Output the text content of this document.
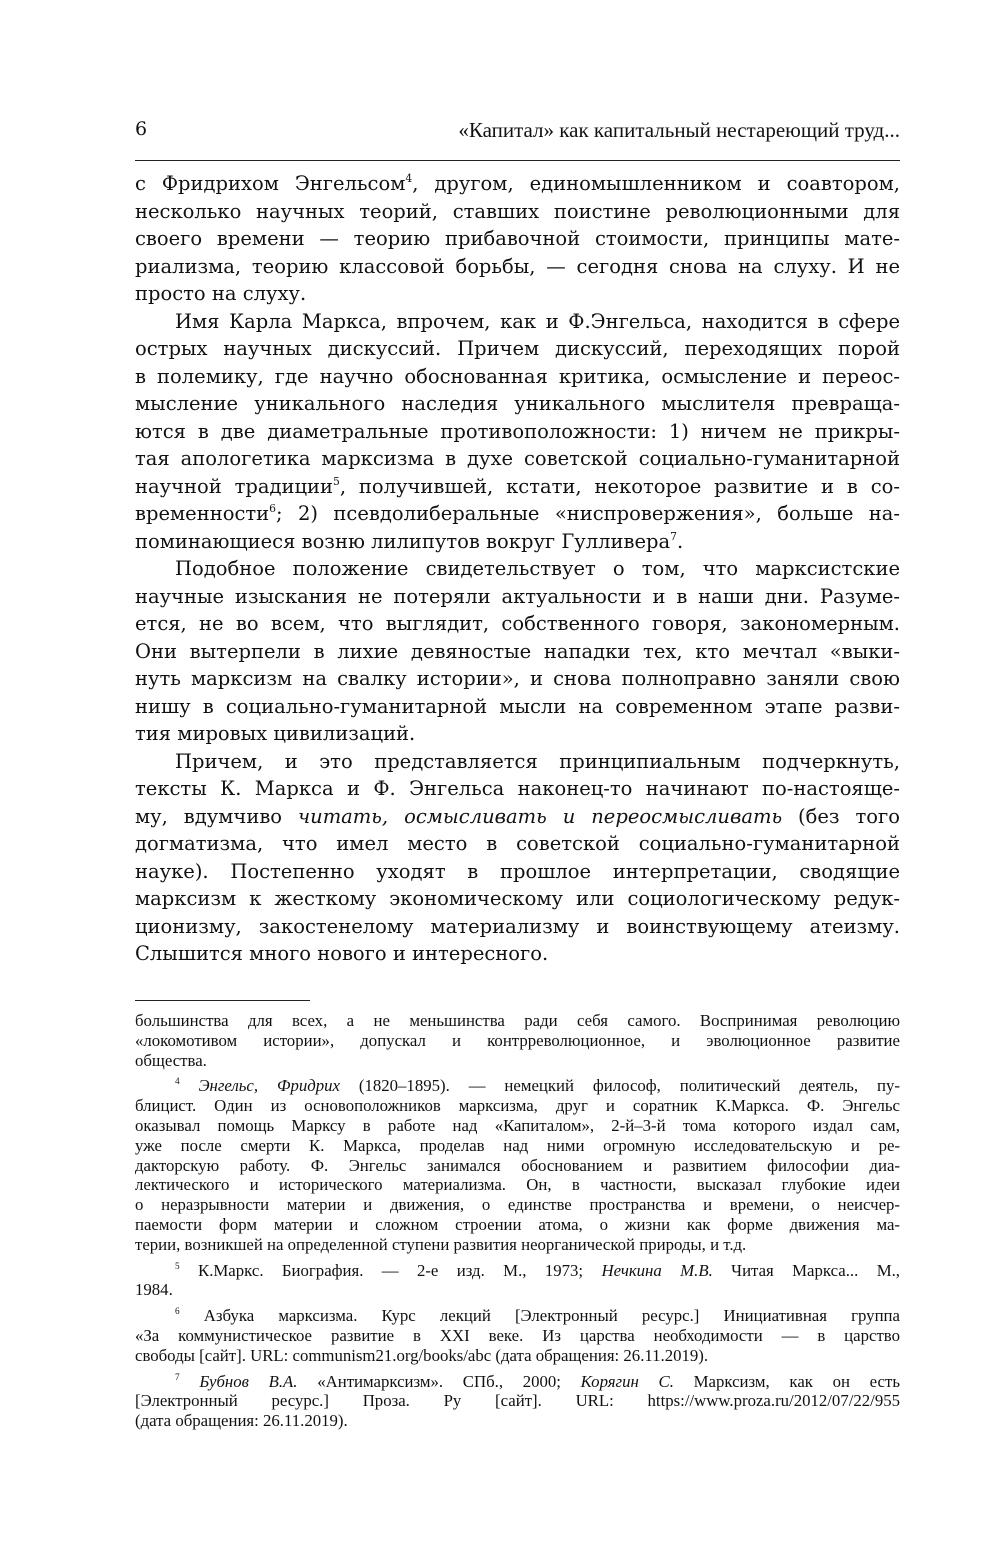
6	«Капитал» как капитальный нестареющий труд...
с Фридрихом Энгельсом$^4$, другом, единомышленником и соавтором,
несколько научных теорий, ставших поистине революционными для
своего времени — теорию прибавочной стоимости, принципы мате-
риализма, теорию классовой борьбы, — сегодня снова на слуху. И не
просто на слуху.
Имя Карла Маркса, впрочем, как и Ф.Энгельса, находится в сфере
острых научных дискуссий. Причем дискуссий, переходящих порой
в полемику, где научно обоснованная критика, осмысление и переос-
мысление уникального наследия уникального мыслителя превраща-
ются в две диаметральные противоположности: 1) ничем не прикры-
тая апологетика марксизма в духе советской социально-гуманитарной
научной традиции$^5$, получившей, кстати, некоторое развитие и в со-
временности$^6$; 2) псевдолиберальные «ниспровержения», больше на-
поминающиеся возню лилипутов вокруг Гулливера$^7$.
Подобное положение свидетельствует о том, что марксистские
научные изыскания не потеряли актуальности и в наши дни. Разуме-
ется, не во всем, что выглядит, собственного говоря, закономерным.
Они вытерпели в лихие девяностые нападки тех, кто мечтал «выки-
нуть марксизм на свалку истории», и снова полноправно заняли свою
нишу в социально-гуманитарной мысли на современном этапе разви-
тия мировых цивилизаций.
Причем, и это представляется принципиальным подчеркнуть,
тексты К. Маркса и Ф. Энгельса наконец-то начинают по-настояще-
му, вдумчиво читать, осмысливать и переосмысливать (без того
догматизма, что имел место в советской социально-гуманитарной
науке). Постепенно уходят в прошлое интерпретации, сводящие
марксизм к жесткому экономическому или социологическому редук-
ционизму, закостенелому материализму и воинствующему атеизму.
Слышится много нового и интересного.
большинства для всех, а не меньшинства ради себя самого. Воспринимая революцию
«локомотивом истории», допускал и контрреволюционное, и эволюционное развитие
общества.
$^4$ Энгельс, Фридрих (1820–1895). — немецкий философ, политический деятель, пу-
блицист. Один из основоположников марксизма, друг и соратник К.Маркса. Ф. Энгельс
оказывал помощь Марксу в работе над «Капиталом», 2-й–3-й тома которого издал сам,
уже после смерти К. Маркса, проделав над ними огромную исследовательскую и ре-
дакторскую работу. Ф. Энгельс занимался обоснованием и развитием философии диа-
лектического и исторического материализма. Он, в частности, высказал глубокие идеи
о неразрывности материи и движения, о единстве пространства и времени, о неисчер-
паемости форм материи и сложном строении атома, о жизни как форме движения ма-
терии, возникшей на определенной ступени развития неорганической природы, и т.д.
$^5$ К.Маркс. Биография. — 2-е изд. М., 1973; Нечкина М.В. Читая Маркса... М.,
1984.
$^6$ Азбука марксизма. Курс лекций [Электронный ресурс.] Инициативная группа
«За коммунистическое развитие в XXI веке. Из царства необходимости — в царство
свободы [сайт]. URL: communism21.org/books/abc (дата обращения: 26.11.2019).
$^7$ Бубнов В.А. «Антимарксизм». СПб., 2000; Корягин С. Марксизм, как он есть
[Электронный ресурс.] Проза. Ру [сайт]. URL: https://www.proza.ru/2012/07/22/955
(дата обращения: 26.11.2019).
